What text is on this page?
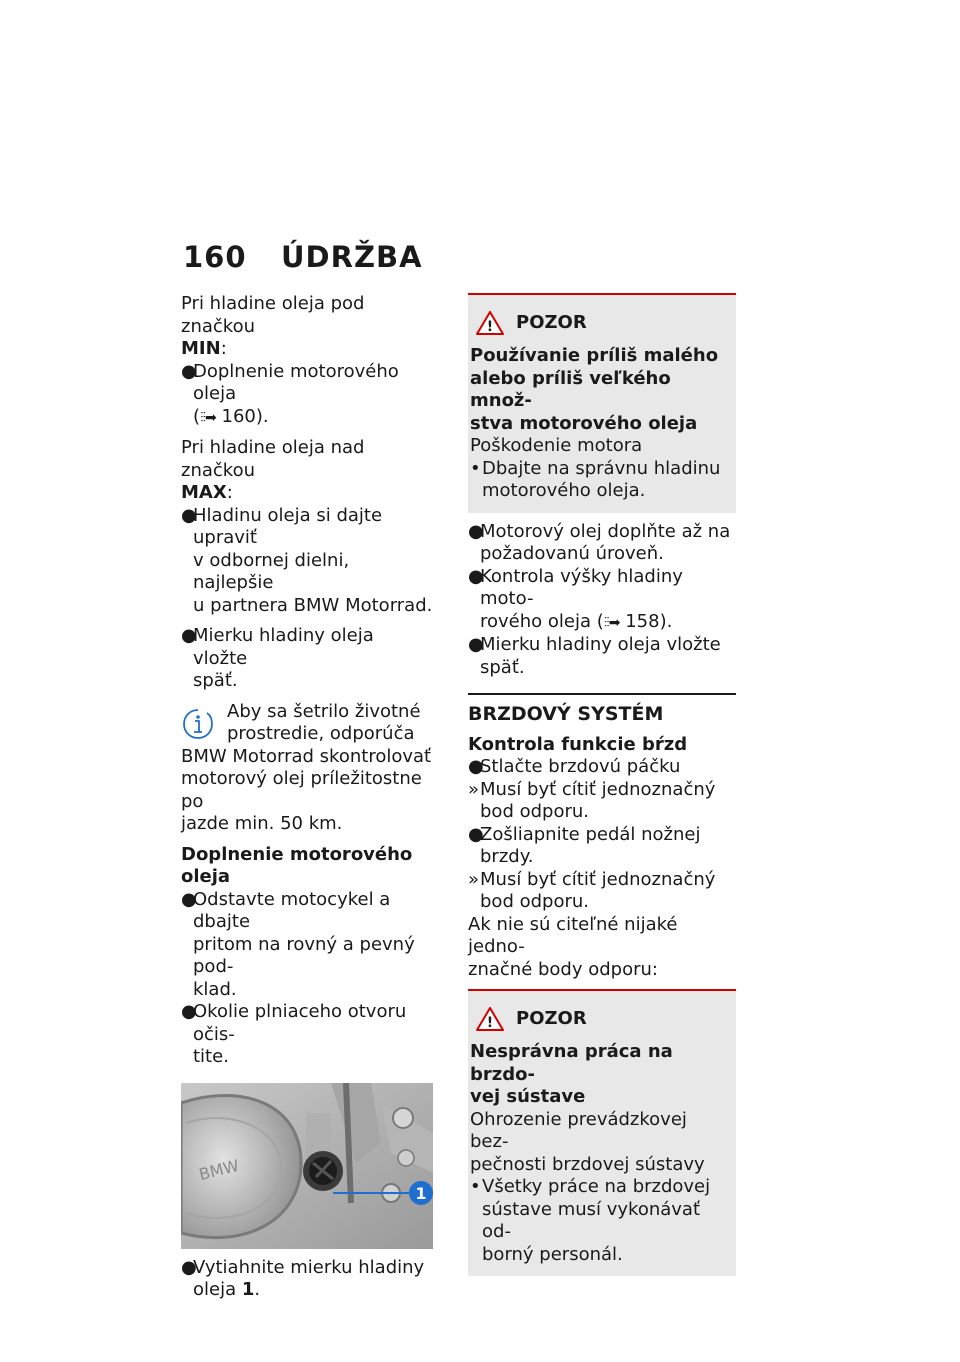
160 ÚDRŽBA

Pri hladine oleja pod značkou
MIN:

●
Doplnenie motorového oleja
(⫶⫶➡ 160).

Pri hladine oleja nad značkou
MAX:

●
Hladinu oleja si dajte upraviť
v odbornej dielni, najlepšie
u partnera BMW Motorrad.
●
Mierku hladiny oleja vložte
späť.
Aby sa šetrilo životné
prostredie, odporúča

BMW Motorrad skontrolovať
motorový olej príležitostne po
jazde min. 50 km.

Doplnenie motorového oleja

●
Odstavte motocykel a dbajte
pritom na rovný a pevný pod-
klad.
●
Okolie plniaceho otvoru očis-
tite.
BMW
1
●
Vytiahnite mierku hladiny
oleja 1.
! POZOR

Používanie príliš malého
alebo príliš veľkého množ-
stva motorového oleja

Poškodenie motora

• Dbajte na správnu hladinu
motorového oleja.
●
Motorový olej doplňte až na
požadovanú úroveň.
●
Kontrola výšky hladiny moto-
rového oleja (⫶⫶➡ 158).
●
Mierku hladiny oleja vložte
späť.

BRZDOVÝ SYSTÉM

Kontrola funkcie bŕzd

●
Stlačte brzdovú páčku
» Musí byť cítiť jednoznačný
bod odporu.
●
Zošliapnite pedál nožnej
brzdy.
» Musí byť cítiť jednoznačný
bod odporu.

Ak nie sú citeľné nijaké jedno-
značné body odporu:

! POZOR

Nesprávna práca na brzdo-
vej sústave

Ohrozenie prevádzkovej bez-
pečnosti brzdovej sústavy

• Všetky práce na brzdovej
sústave musí vykonávať od-
borný personál.
